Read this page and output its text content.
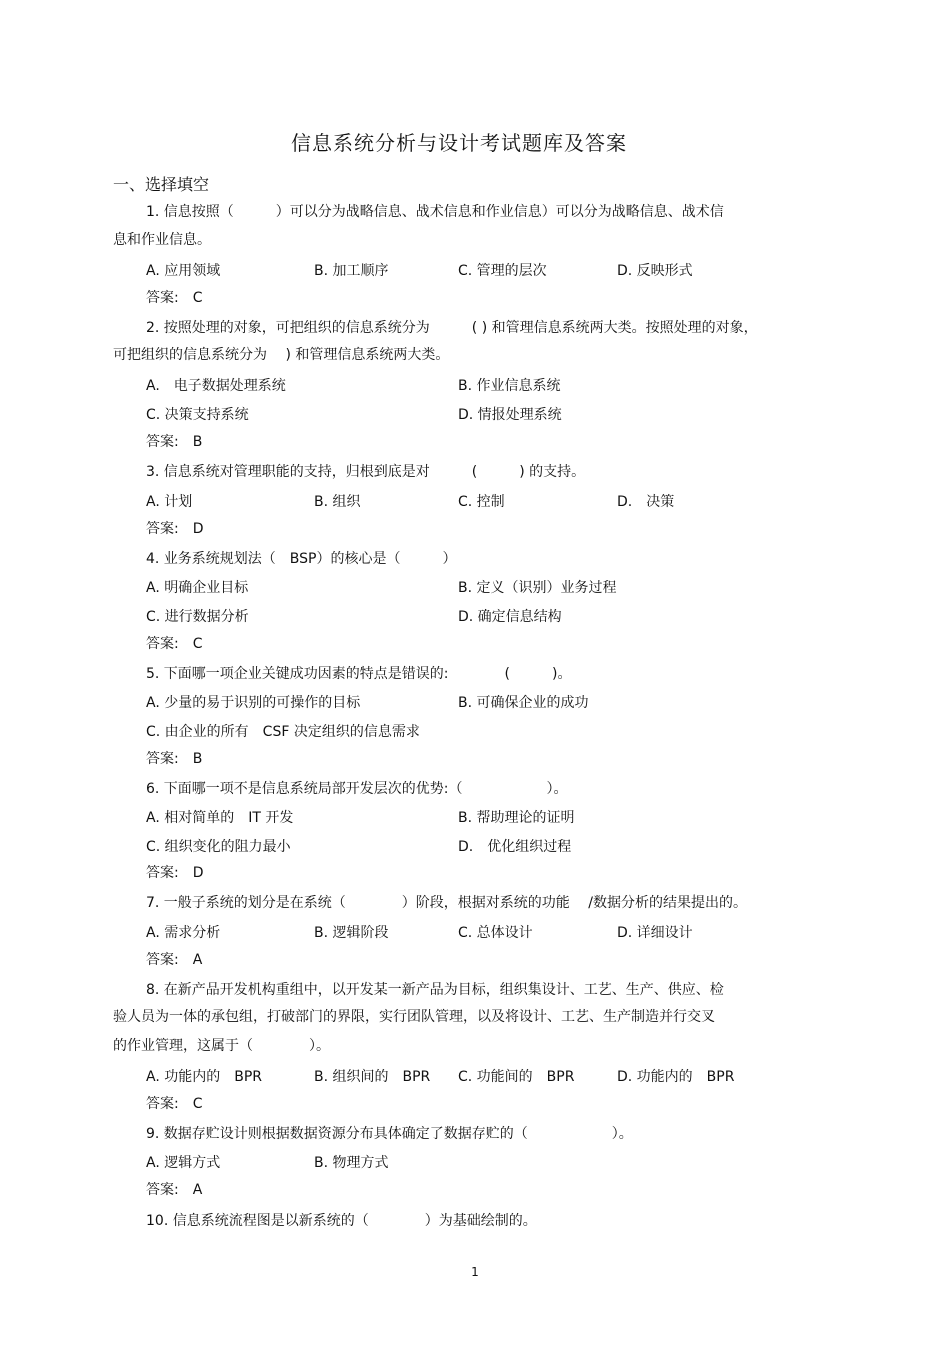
信息系统分析与设计考试题库及答案
一、选择填空
1. 信息按照（　　　）可以分为战略信息、战术信息和作业信息）可以分为战略信息、战术信
息和作业信息。
A. 应用领域	B. 加工顺序	C. 管理的层次	D. 反映形式
答案:　C
2. 按照处理的对象，可把组织的信息系统分为　　　( ) 和管理信息系统两大类。按照处理的对象，
可把组织的信息系统分为　 ) 和管理信息系统两大类。
A.　电子数据处理系统	B. 作业信息系统
C. 决策支持系统	D. 情报处理系统
答案:　B
3. 信息系统对管理职能的支持，归根到底是对　　　(　　　) 的支持。
A. 计划	B. 组织	C. 控制	D.　决策
答案:　D
4. 业务系统规划法（　BSP）的核心是（　　　）
A. 明确企业目标	B. 定义（识别）业务过程
C. 进行数据分析	D. 确定信息结构
答案:　C
5. 下面哪一项企业关键成功因素的特点是错误的:　　　　(　　　)。
A. 少量的易于识别的可操作的目标	B. 可确保企业的成功
C. 由企业的所有　CSF 决定组织的信息需求
答案:　B
6. 下面哪一项不是信息系统局部开发层次的优势:（　　　　　　）。
A. 相对简单的　IT 开发	B. 帮助理论的证明
C. 组织变化的阻力最小	D.　优化组织过程
答案:　D
7. 一般子系统的划分是在系统（　　　　）阶段，根据对系统的功能　 /数据分析的结果提出的。
A. 需求分析	B. 逻辑阶段	C. 总体设计	D. 详细设计
答案:　A
8. 在新产品开发机构重组中，以开发某一新产品为目标，组织集设计、工艺、生产、供应、检
验人员为一体的承包组，打破部门的界限，实行团队管理，以及将设计、工艺、生产制造并行交叉
的作业管理，这属于（　　　　）。
A. 功能内的　BPR	B. 组织间的　BPR C. 功能间的　BPR	D. 功能内的　BPR
答案:　C
9. 数据存贮设计则根据数据资源分布具体确定了数据存贮的（　　　　　　）。
A. 逻辑方式	B. 物理方式
答案:　A
10. 信息系统流程图是以新系统的（　　　　）为基础绘制的。
1
